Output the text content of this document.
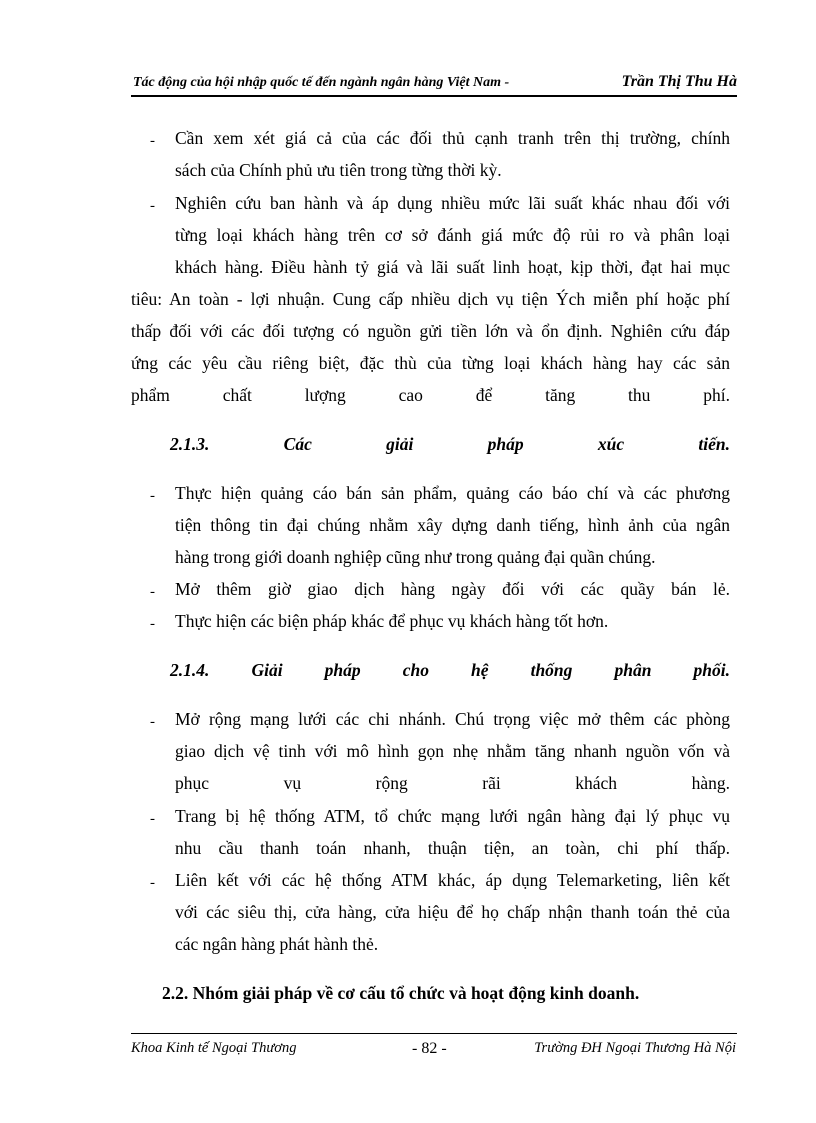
Tác động của hội nhập quốc tế đến ngành ngân hàng Việt Nam -	Trần Thị Thu Hà
- Cần xem xét giá cả của các đối thủ cạnh tranh trên thị trường, chính
sách của Chính phủ ưu tiên trong từng thời kỳ.
- Nghiên cứu ban hành và áp dụng nhiều mức lãi suất khác nhau đối với
từng loại khách hàng trên cơ sở đánh giá mức độ rủi ro và phân loại
khách hàng. Điều hành tỷ giá và lãi suất linh hoạt, kịp thời, đạt hai mục
tiêu: An toàn - lợi nhuận. Cung cấp nhiều dịch vụ tiện Ých miễn phí hoặc phí
thấp đối với các đối tượng có nguồn gửi tiền lớn và ổn định. Nghiên cứu đáp
ứng các yêu cầu riêng biệt, đặc thù của từng loại khách hàng hay các sản
phẩm chất lượng cao để tăng thu phí.
2.1.3. Các giải pháp xúc tiến.
- Thực hiện quảng cáo bán sản phẩm, quảng cáo báo chí và các phương
tiện thông tin đại chúng nhằm xây dựng danh tiếng, hình ảnh của ngân
hàng trong giới doanh nghiệp cũng như trong quảng đại quần chúng.
- Mở thêm giờ giao dịch hàng ngày đối với các quầy bán lẻ.
- Thực hiện các biện pháp khác để phục vụ khách hàng tốt hơn.
2.1.4. Giải pháp cho hệ thống phân phối.
- Mở rộng mạng lưới các chi nhánh. Chú trọng việc mở thêm các phòng
giao dịch vệ tinh với mô hình gọn nhẹ nhằm tăng nhanh nguồn vốn và
phục vụ rộng rãi khách hàng.
- Trang bị hệ thống ATM, tổ chức mạng lưới ngân hàng đại lý phục vụ
nhu cầu thanh toán nhanh, thuận tiện, an toàn, chi phí thấp.
- Liên kết với các hệ thống ATM khác, áp dụng Telemarketing, liên kết
với các siêu thị, cửa hàng, cửa hiệu để họ chấp nhận thanh toán thẻ của
các ngân hàng phát hành thẻ.
2.2. Nhóm giải pháp về cơ cấu tổ chức và hoạt động kinh doanh.
Khoa Kinh tế Ngoại Thương	- 82 -	Trường ĐH Ngoại Thương Hà Nội
